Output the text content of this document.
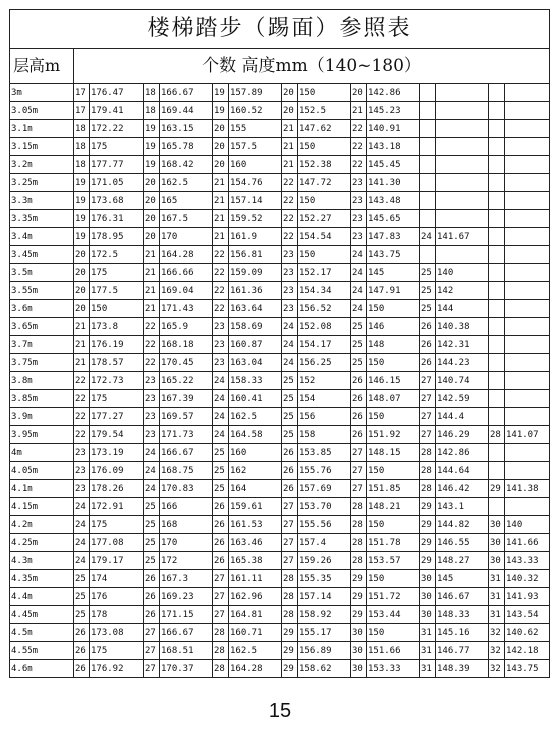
楼梯踏步（踢面）参照表														
层高m	个数 高度mm（140~180）													
3m	17	176.47	18	166.67	19	157.89	20	150	20	142.86				
3.05m	17	179.41	18	169.44	19	160.52	20	152.5	21	145.23				
3.1m	18	172.22	19	163.15	20	155	21	147.62	22	140.91				
3.15m	18	175	19	165.78	20	157.5	21	150	22	143.18				
3.2m	18	177.77	19	168.42	20	160	21	152.38	22	145.45				
3.25m	19	171.05	20	162.5	21	154.76	22	147.72	23	141.30				
3.3m	19	173.68	20	165	21	157.14	22	150	23	143.48				
3.35m	19	176.31	20	167.5	21	159.52	22	152.27	23	145.65				
3.4m	19	178.95	20	170	21	161.9	22	154.54	23	147.83	24	141.67		
3.45m	20	172.5	21	164.28	22	156.81	23	150	24	143.75				
3.5m	20	175	21	166.66	22	159.09	23	152.17	24	145	25	140		
3.55m	20	177.5	21	169.04	22	161.36	23	154.34	24	147.91	25	142		
3.6m	20	150	21	171.43	22	163.64	23	156.52	24	150	25	144		
3.65m	21	173.8	22	165.9	23	158.69	24	152.08	25	146	26	140.38		
3.7m	21	176.19	22	168.18	23	160.87	24	154.17	25	148	26	142.31		
3.75m	21	178.57	22	170.45	23	163.04	24	156.25	25	150	26	144.23		
3.8m	22	172.73	23	165.22	24	158.33	25	152	26	146.15	27	140.74		
3.85m	22	175	23	167.39	24	160.41	25	154	26	148.07	27	142.59		
3.9m	22	177.27	23	169.57	24	162.5	25	156	26	150	27	144.4		
3.95m	22	179.54	23	171.73	24	164.58	25	158	26	151.92	27	146.29	28	141.07
4m	23	173.19	24	166.67	25	160	26	153.85	27	148.15	28	142.86		
4.05m	23	176.09	24	168.75	25	162	26	155.76	27	150	28	144.64		
4.1m	23	178.26	24	170.83	25	164	26	157.69	27	151.85	28	146.42	29	141.38
4.15m	24	172.91	25	166	26	159.61	27	153.70	28	148.21	29	143.1		
4.2m	24	175	25	168	26	161.53	27	155.56	28	150	29	144.82	30	140
4.25m	24	177.08	25	170	26	163.46	27	157.4	28	151.78	29	146.55	30	141.66
4.3m	24	179.17	25	172	26	165.38	27	159.26	28	153.57	29	148.27	30	143.33
4.35m	25	174	26	167.3	27	161.11	28	155.35	29	150	30	145	31	140.32
4.4m	25	176	26	169.23	27	162.96	28	157.14	29	151.72	30	146.67	31	141.93
4.45m	25	178	26	171.15	27	164.81	28	158.92	29	153.44	30	148.33	31	143.54
4.5m	26	173.08	27	166.67	28	160.71	29	155.17	30	150	31	145.16	32	140.62
4.55m	26	175	27	168.51	28	162.5	29	156.89	30	151.66	31	146.77	32	142.18
4.6m	26	176.92	27	170.37	28	164.28	29	158.62	30	153.33	31	148.39	32	143.75
15
